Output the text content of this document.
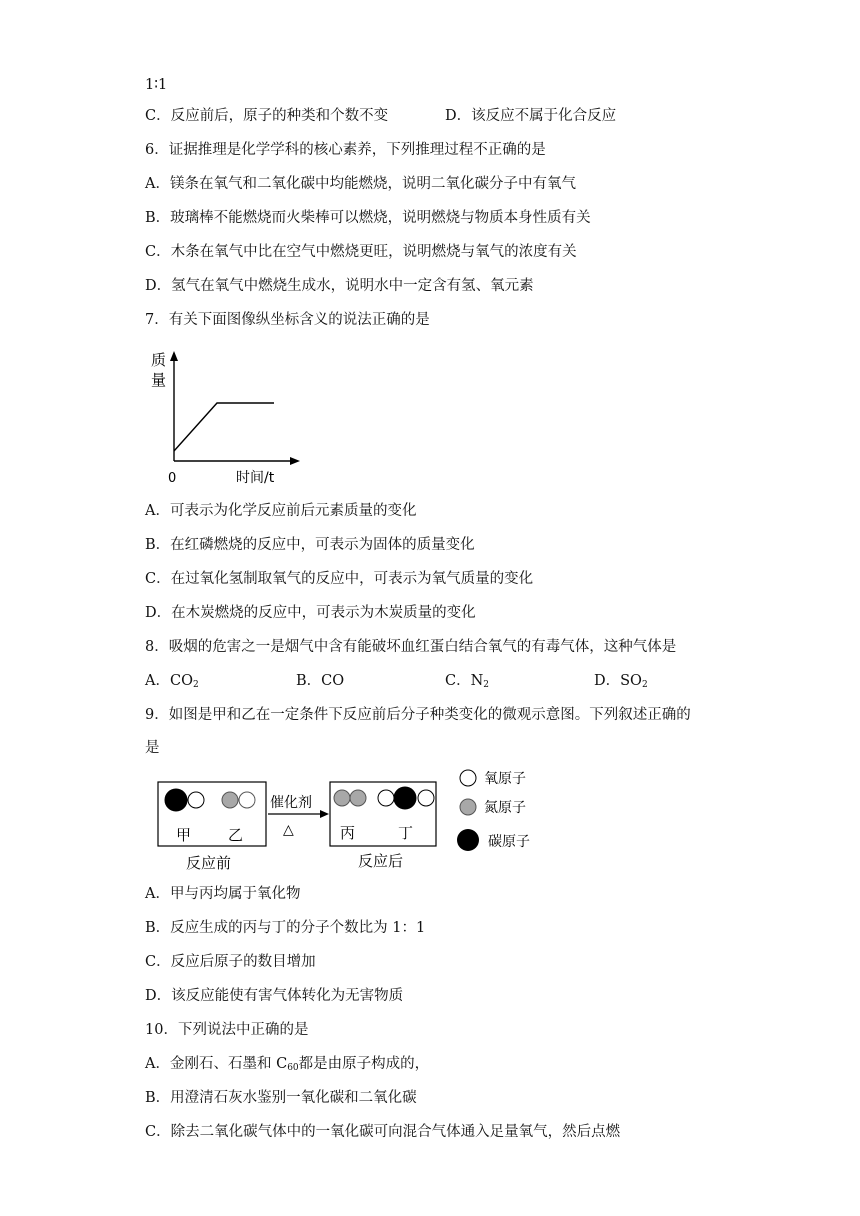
1∶1
C．反应前后，原子的种类和个数不变	D．该反应不属于化合反应
6．证据推理是化学学科的核心素养，下列推理过程不正确的是
A．镁条在氧气和二氧化碳中均能燃烧，说明二氧化碳分子中有氧气
B．玻璃棒不能燃烧而火柴棒可以燃烧，说明燃烧与物质本身性质有关
C．木条在氧气中比在空气中燃烧更旺，说明燃烧与氧气的浓度有关
D．氢气在氧气中燃烧生成水，说明水中一定含有氢、氧元素
7．有关下面图像纵坐标含义的说法正确的是
质
量
0	时间/t
A．可表示为化学反应前后元素质量的变化
B．在红磷燃烧的反应中，可表示为固体的质量变化
C．在过氧化氢制取氧气的反应中，可表示为氧气质量的变化
D．在木炭燃烧的反应中，可表示为木炭质量的变化
8．吸烟的危害之一是烟气中含有能破坏血红蛋白结合氧气的有毒气体，这种气体是
A．$CO_2$	B．CO	C．$N_2$	D．$SO_2$
9．如图是甲和乙在一定条件下反应前后分子种类变化的微观示意图。下列叙述正确的
是
甲 乙	丙	丁
催化剂
△
反应前	反应后
氧原子
氮原子
碳原子
A．甲与丙均属于氧化物
B．反应生成的丙与丁的分子个数比为 1：1
C．反应后原子的数目增加
D．该反应能使有害气体转化为无害物质
10．下列说法中正确的是
A．金刚石、石墨和 $C_{60}$都是由原子构成的，
B．用澄清石灰水鉴别一氧化碳和二氧化碳
C．除去二氧化碳气体中的一氧化碳可向混合气体通入足量氧气，然后点燃
